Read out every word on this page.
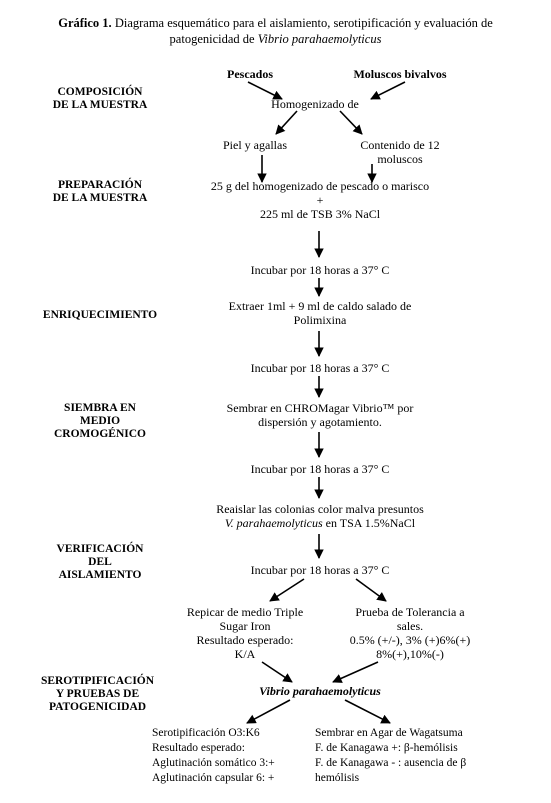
Gráfico 1. Diagrama esquemático para el aislamiento, serotipificación y evaluación de
patogenicidad de Vibrio parahaemolyticus
COMPOSICIÓN
DE LA MUESTRA
PREPARACIÓN
DE LA MUESTRA
ENRIQUECIMIENTO
SIEMBRA EN
MEDIO
CROMOGÉNICO
VERIFICACIÓN
DEL
AISLAMIENTO
SEROTIPIFICACIÓN
Y PRUEBAS DE
PATOGENICIDAD
Pescados	Moluscos bivalvos
Homogenizado de
Piel y agallas	Contenido de 12
moluscos
25 g del homogenizado de pescado o marisco
+
225 ml de TSB 3% NaCl
Incubar por 18 horas a 37° C
Extraer 1ml + 9 ml de caldo salado de
Polimixina
Incubar por 18 horas a 37° C
Sembrar en CHROMagar Vibrio™ por
dispersión y agotamiento.
Incubar por 18 horas a 37° C
Reaislar las colonias color malva presuntos
V. parahaemolyticus en TSA 1.5%NaCl
Incubar por 18 horas a 37° C
Repicar de medio Triple
Sugar Iron
Resultado esperado:
K/A
Prueba de Tolerancia a
sales.
0.5% (+/-), 3% (+)6%(+)
8%(+),10%(-)
Vibrio parahaemolyticus
Serotipificación O3:K6
Resultado esperado:
Aglutinación somático 3:+
Aglutinación capsular 6: +
Sembrar en Agar de Wagatsuma
F. de Kanagawa +: β-hemólisis
F. de Kanagawa - : ausencia de β
hemólisis
